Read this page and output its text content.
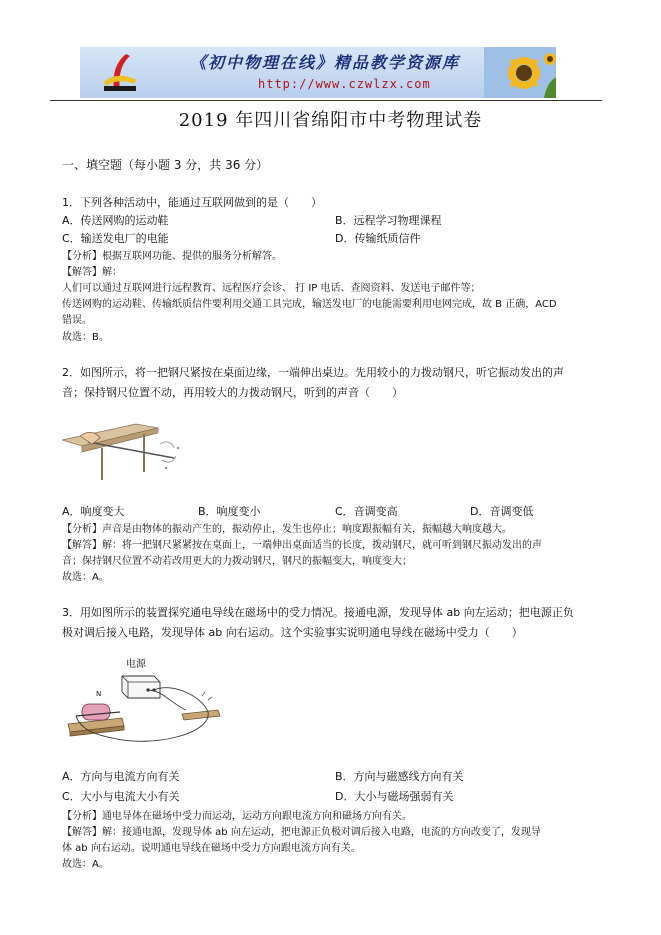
《初中物理在线》精品教学资源库
http://www.czwlzx.com
2019 年四川省绵阳市中考物理试卷
一、填空题（每小题 3 分，共 36 分）
1．下列各种活动中，能通过互联网做到的是（　　）
A．传送网购的运动鞋	B．远程学习物理课程
C．输送发电厂的电能	D．传输纸质信件
【分析】根据互联网功能、提供的服务分析解答。
【解答】解：
人们可以通过互联网进行远程教育、远程医疗会诊、 打 IP 电话、查阅资料、发送电子邮件等；
传送网购的运动鞋、传输纸质信件要利用交通工具完成，输送发电厂的电能需要利用电网完成，故 B 正确，ACD
错误。
故选：B。
2．如图所示，将一把钢尺紧按在桌面边缘，一端伸出桌边。先用较小的力拨动钢尺，听它振动发出的声
音；保持钢尺位置不动，再用较大的力拨动钢尺，听到的声音（　　）
A．响度变大	B．响度变小	C．音调变高	D．音调变低
【分析】声音是由物体的振动产生的，振动停止，发生也停止；响度跟振幅有关，振幅越大响度越大。
【解答】解：将一把钢尺紧紧按在桌面上，一端伸出桌面适当的长度，拨动钢尺，就可听到钢尺振动发出的声
音；保持钢尺位置不动若改用更大的力拨动钢尺，钢尺的振幅变大，响度变大；
故选：A。
3．用如图所示的装置探究通电导线在磁场中的受力情况。接通电源，发现导体 ab 向左运动；把电源正负
极对调后接入电路，发现导体 ab 向右运动。这个实验事实说明通电导线在磁场中受力（　　）
电源
N
A．方向与电流方向有关	B．方向与磁感线方向有关
C．大小与电流大小有关	D．大小与磁场强弱有关
【分析】通电导体在磁场中受力而运动，运动方向跟电流方向和磁场方向有关。
【解答】解：接通电源，发现导体 ab 向左运动，把电源正负极对调后接入电路，电流的方向改变了，发现导
体 ab 向右运动。说明通电导线在磁场中受力方向跟电流方向有关。
故选：A。
